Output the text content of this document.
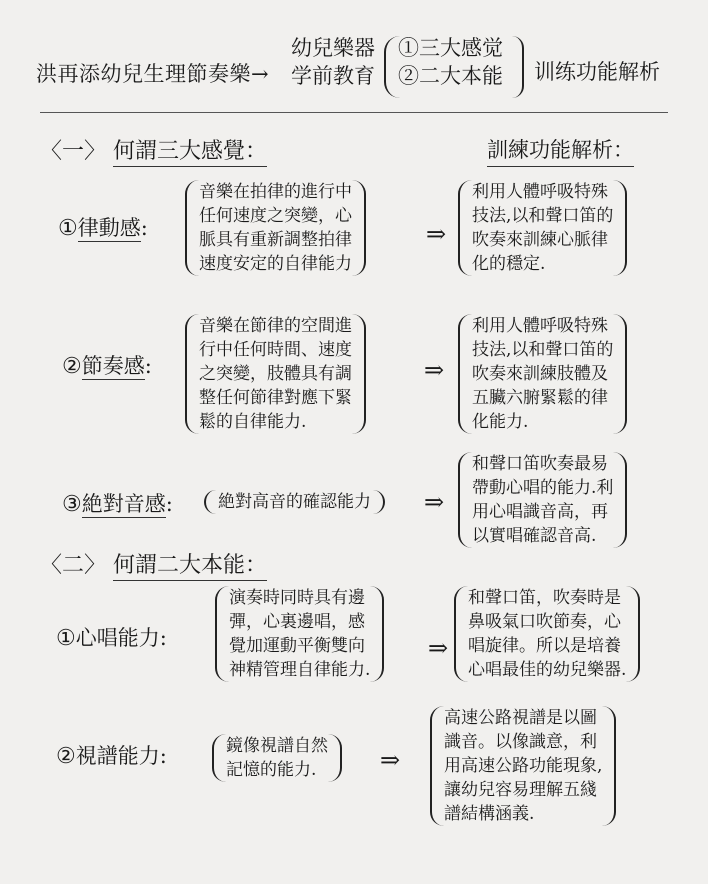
洪再添幼兒生理節奏樂→
幼兒樂器
学前教育
①三大感觉
②二大本能 训练功能解析
〈一〉 何謂三大感覺：	訓練功能解析：
①律動感:
音樂在拍律的進行中
任何速度之突變，心
脈具有重新調整拍律
速度安定的自律能力
⇒
利用人體呼吸特殊
技法,以和聲口笛的
吹奏來訓練心脈律
化的穩定.
②節奏感:
音樂在節律的空間進
行中任何時間、速度
之突變，肢體具有調
整任何節律對應下緊
鬆的自律能力.
⇒
利用人體呼吸特殊
技法,以和聲口笛的
吹奏來訓練肢體及
五臟六腑緊鬆的律
化能力.
③絶對音感:	絶對高音的確認能力 ⇒
和聲口笛吹奏最易
帶動心唱的能力.利
用心唱識音高，再
以實唱確認音高.
〈二〉 何謂二大本能：
①心唱能力:
演奏時同時具有邊
彈，心裏邊唱，感
覺加運動平衡雙向
神精管理自律能力.
⇒
和聲口笛，吹奏時是
鼻吸氣口吹節奏，心
唱旋律。所以是培養
心唱最佳的幼兒樂器.
②視譜能力:	鏡像視譜自然
記憶的能力.	⇒
高速公路視譜是以圖
識音。以像識意，利
用高速公路功能現象,
讓幼兒容易理解五綫
譜結構涵義.
